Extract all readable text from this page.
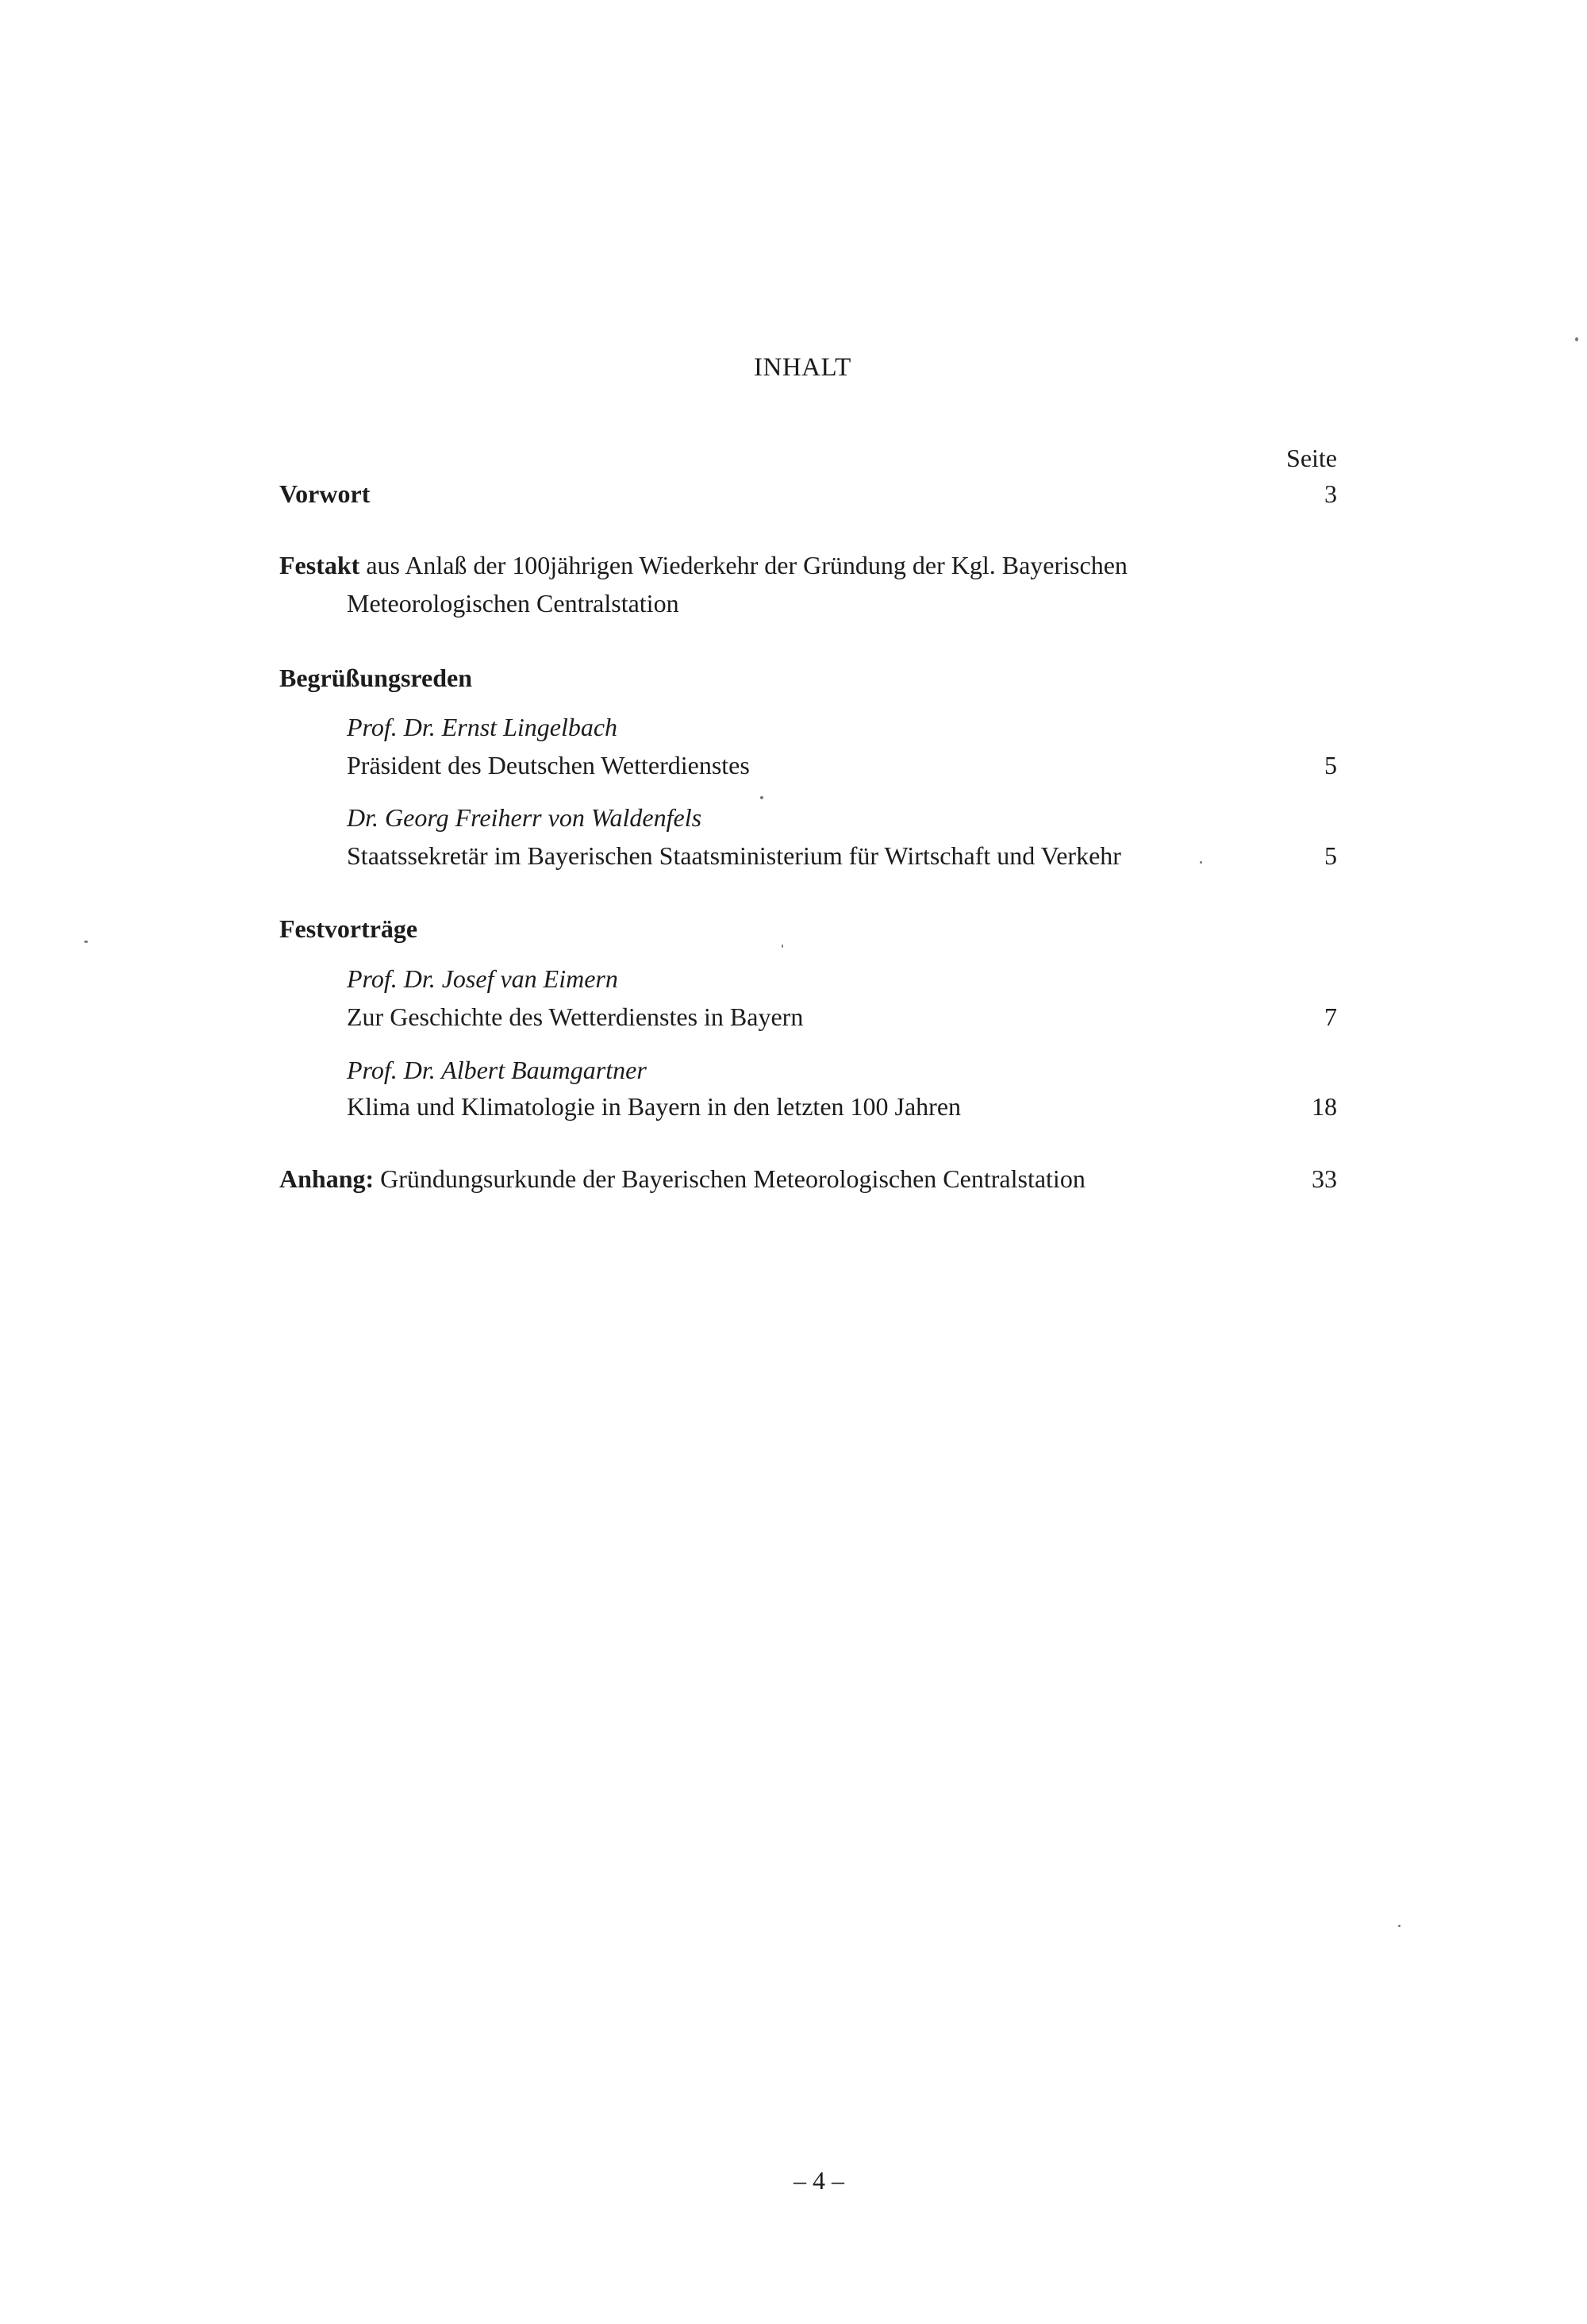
INHALT
Seite
Vorwort	3
Festakt aus Anlaß der 100jährigen Wiederkehr der Gründung der Kgl. Bayerischen
Meteorologischen Centralstation
Begrüßungsreden
Prof. Dr. Ernst Lingelbach
Präsident des Deutschen Wetterdienstes	5
Dr. Georg Freiherr von Waldenfels
Staatssekretär im Bayerischen Staatsministerium für Wirtschaft und Verkehr	5
Festvorträge
Prof. Dr. Josef van Eimern
Zur Geschichte des Wetterdienstes in Bayern	7
Prof. Dr. Albert Baumgartner
Klima und Klimatologie in Bayern in den letzten 100 Jahren	18
Anhang: Gründungsurkunde der Bayerischen Meteorologischen Centralstation	33
– 4 –
